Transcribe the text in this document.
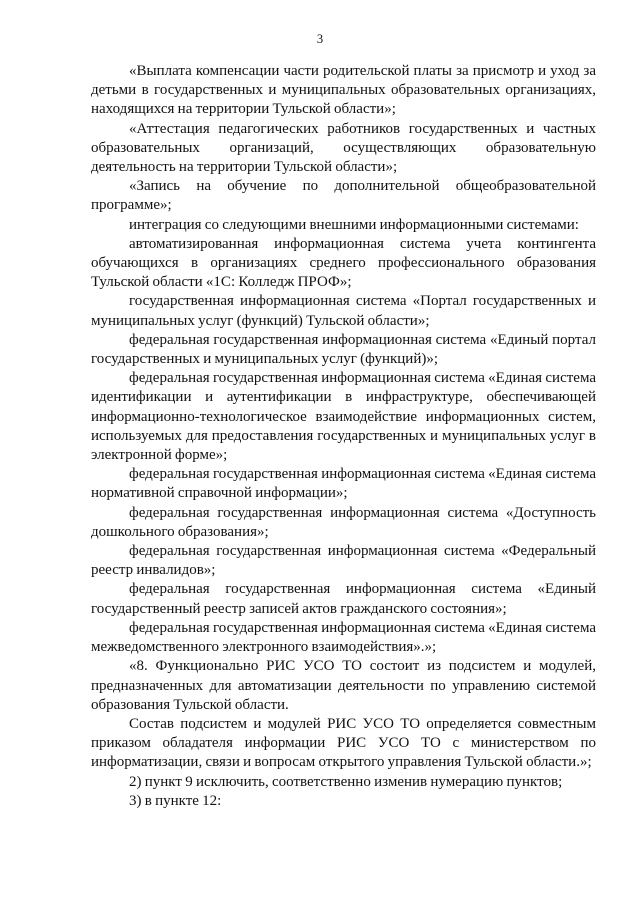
3

«Выплата компенсации части родительской платы за присмотр и уход за детьми в государственных и муниципальных образовательных организациях, находящихся на территории Тульской области»;

«Аттестация педагогических работников государственных и частных образовательных организаций, осуществляющих образовательную деятельность на территории Тульской области»;

«Запись на обучение по дополнительной общеобразовательной программе»;

интеграция со следующими внешними информационными системами:

автоматизированная информационная система учета контингента обучающихся в организациях среднего профессионального образования Тульской области «1С: Колледж ПРОФ»;

государственная информационная система «Портал государственных и муниципальных услуг (функций) Тульской области»;

федеральная государственная информационная система «Единый портал государственных и муниципальных услуг (функций)»;

федеральная государственная информационная система «Единая система идентификации и аутентификации в инфраструктуре, обеспечивающей информационно-технологическое взаимодействие информационных систем, используемых для предоставления государственных и муниципальных услуг в электронной форме»;

федеральная государственная информационная система «Единая система нормативной справочной информации»;

федеральная государственная информационная система «Доступность дошкольного образования»;

федеральная государственная информационная система «Федеральный реестр инвалидов»;

федеральная государственная информационная система «Единый государственный реестр записей актов гражданского состояния»;

федеральная государственная информационная система «Единая система межведомственного электронного взаимодействия».»;

«8. Функционально РИС УСО ТО состоит из подсистем и модулей, предназначенных для автоматизации деятельности по управлению системой образования Тульской области.

Состав подсистем и модулей РИС УСО ТО определяется совместным приказом обладателя информации РИС УСО ТО с министерством по информатизации, связи и вопросам открытого управления Тульской области.»;

2) пункт 9 исключить, соответственно изменив нумерацию пунктов;

3) в пункте 12:
